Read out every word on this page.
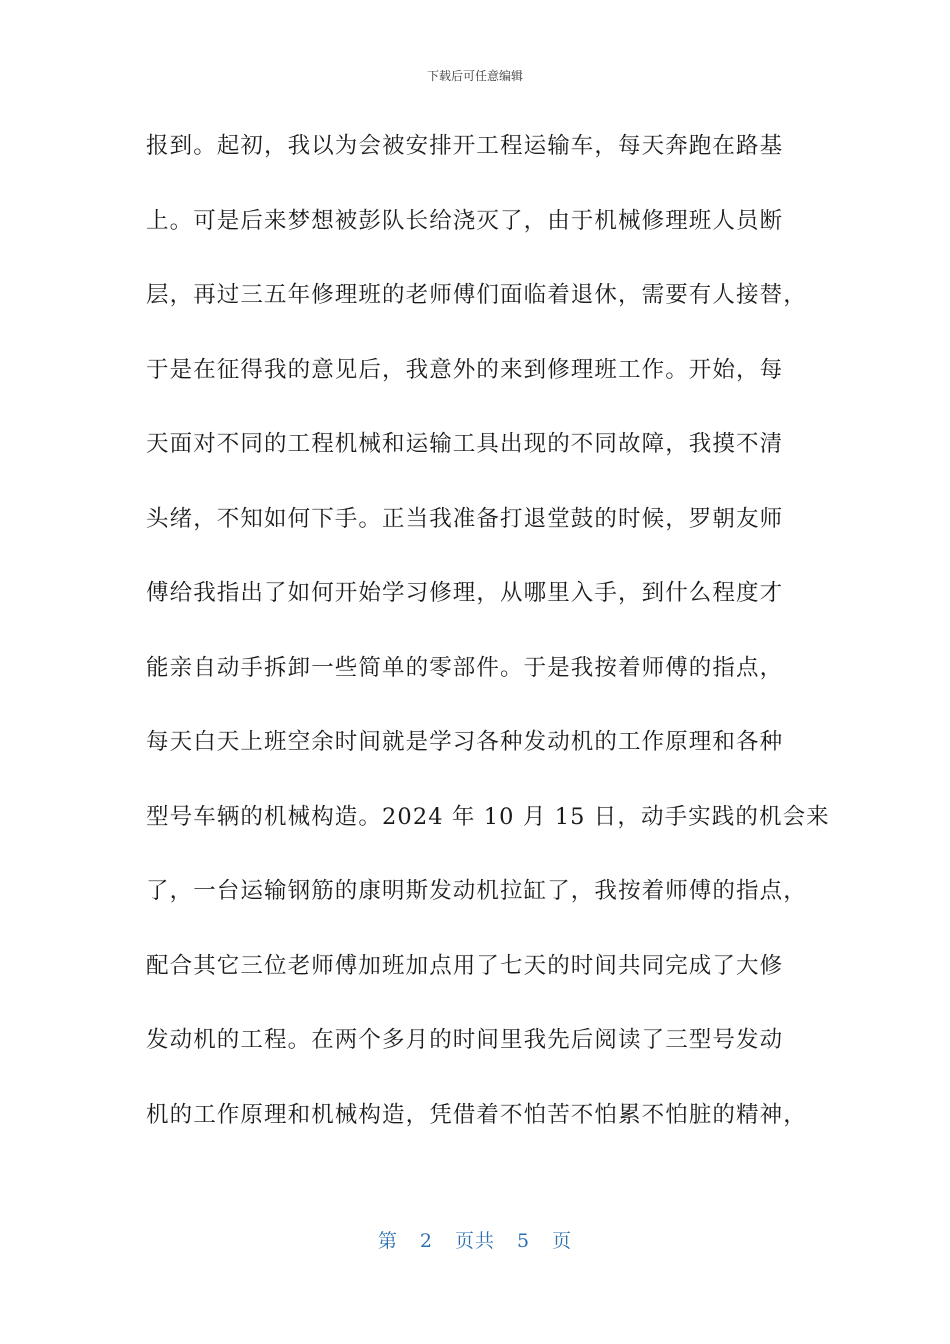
下载后可任意编辑
报到。起初，我以为会被安排开工程运输车，每天奔跑在路基
上。可是后来梦想被彭队长给浇灭了，由于机械修理班人员断
层，再过三五年修理班的老师傅们面临着退休，需要有人接替，
于是在征得我的意见后，我意外的来到修理班工作。开始，每
天面对不同的工程机械和运输工具出现的不同故障，我摸不清
头绪，不知如何下手。正当我准备打退堂鼓的时候，罗朝友师
傅给我指出了如何开始学习修理，从哪里入手，到什么程度才
能亲自动手拆卸一些简单的零部件。于是我按着师傅的指点，
每天白天上班空余时间就是学习各种发动机的工作原理和各种
型号车辆的机械构造。2024 年 10 月 15 日，动手实践的机会来
了，一台运输钢筋的康明斯发动机拉缸了，我按着师傅的指点，
配合其它三位老师傅加班加点用了七天的时间共同完成了大修
发动机的工程。在两个多月的时间里我先后阅读了三型号发动
机的工作原理和机械构造，凭借着不怕苦不怕累不怕脏的精神，
第 2 页共 5 页
